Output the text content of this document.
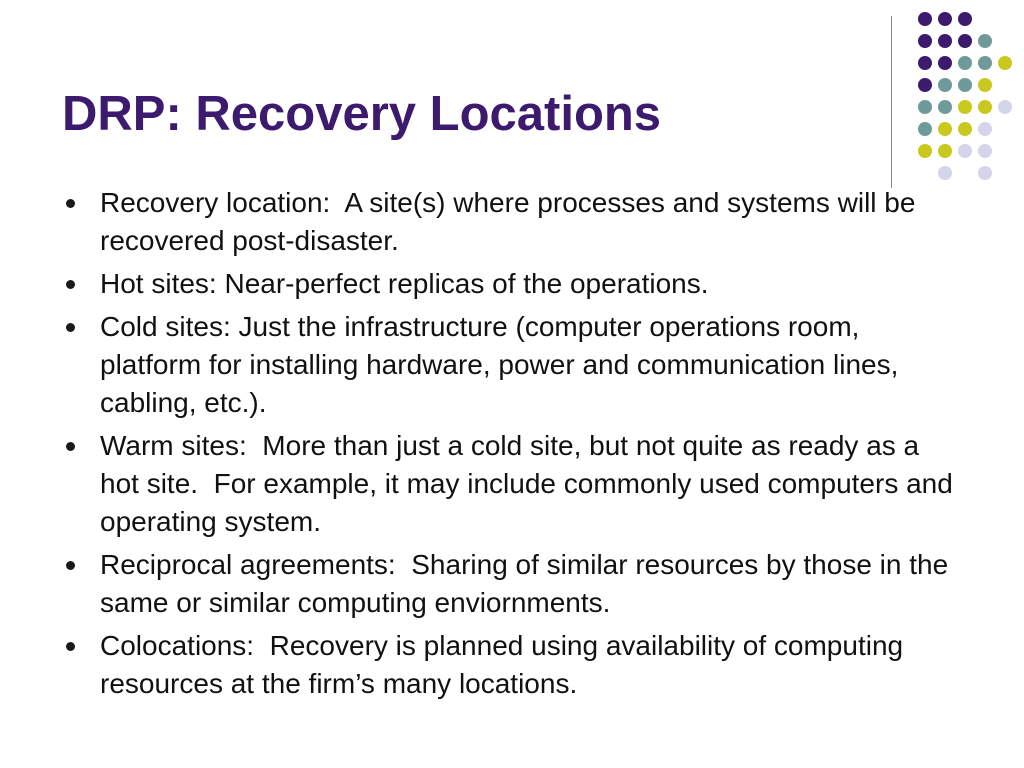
DRP: Recovery Locations
Recovery location:  A site(s) where processes and systems will be recovered post-disaster.
Hot sites: Near-perfect replicas of the operations.
Cold sites: Just the infrastructure (computer operations room, platform for installing hardware, power and communication lines, cabling, etc.).
Warm sites:  More than just a cold site, but not quite as ready as a hot site.  For example, it may include commonly used computers and operating system.
Reciprocal agreements:  Sharing of similar resources by those in the same or similar computing enviornments.
Colocations:  Recovery is planned using availability of computing resources at the firm’s many locations.
